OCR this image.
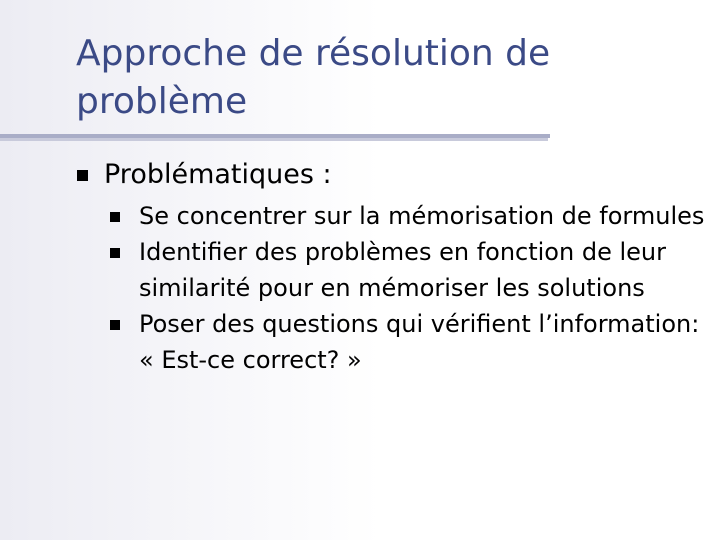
Approche de résolution de problème
Problématiques :
Se concentrer sur la mémorisation de formules
Identifier des problèmes en fonction de leur similarité pour en mémoriser les solutions
Poser des questions qui vérifient l’information: « Est-ce correct? »
